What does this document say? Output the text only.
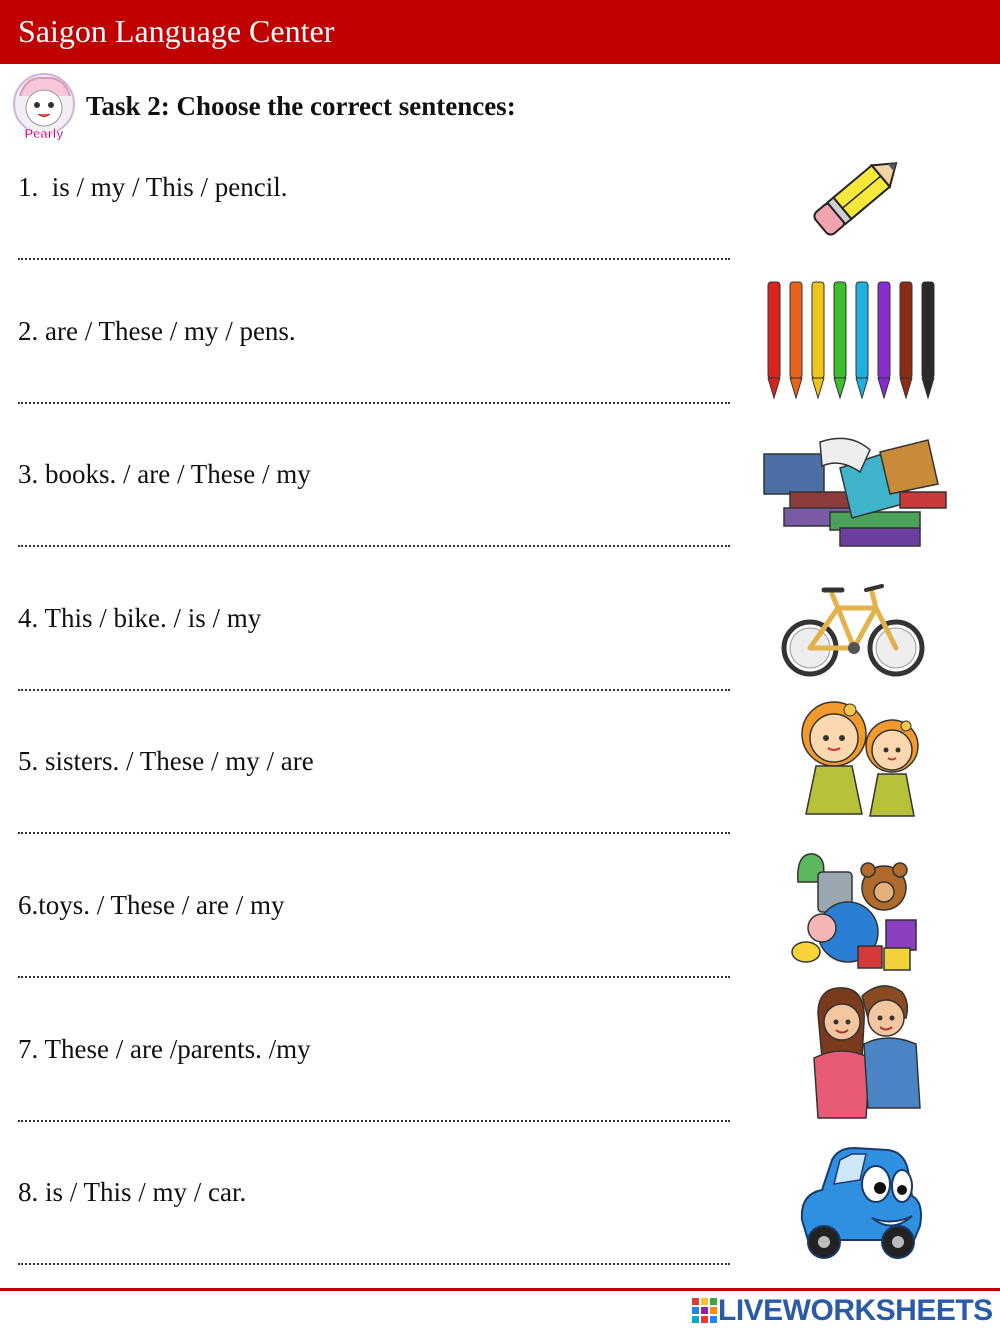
Saigon Language Center
Pearly
Task 2: Choose the correct sentences:
1.  is / my / This / pencil.
2. are / These / my / pens.
3. books. / are / These / my
4. This / bike. / is / my
5. sisters. / These / my / are
6.toys. / These / are / my
7. These / are /parents. /my
8. is / This / my / car.
LIVEWORKSHEETS
